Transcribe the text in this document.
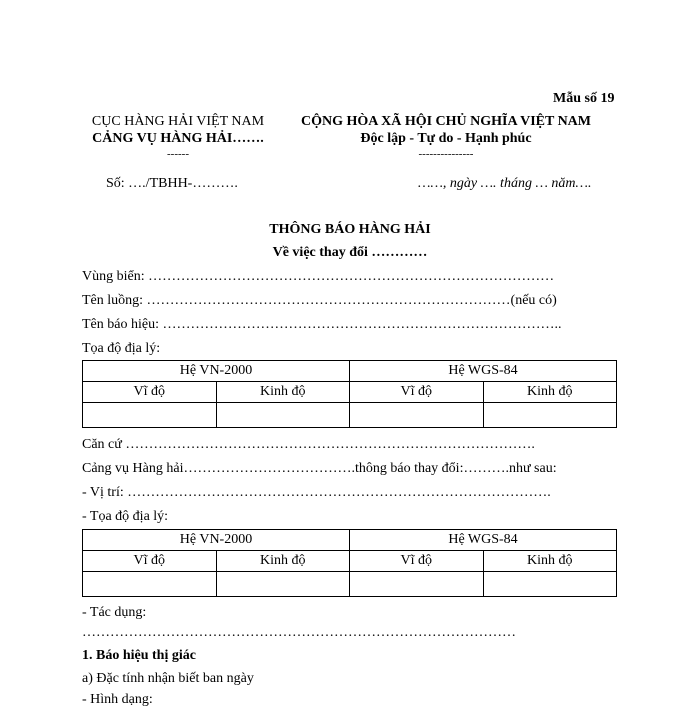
Mẫu số 19
CỤC HÀNG HẢI VIỆT NAM
CẢNG VỤ HÀNG HẢI…….
------
Số: …./TBHH-……….
CỘNG HÒA XÃ HỘI CHỦ NGHĨA VIỆT NAM
Độc lập - Tự do - Hạnh phúc
---------------
……, ngày …. tháng … năm….
THÔNG BÁO HÀNG HẢI
Về việc thay đổi …………
Vùng biển: ……………………………………………………………………………
Tên luồng: ……………………………………………………………………(nếu có)
Tên báo hiệu: …………………………………………………………………………..
Tọa độ địa lý:
Hệ VN-2000		Hệ WGS-84	
Vĩ độ	Kinh độ	Vĩ độ	Kinh độ

Căn cứ …………………………………………………………………………….
Cảng vụ Hàng hải……………………………….thông báo thay đổi:……….như sau:
- Vị trí: ……………………………………………………………………………….
- Tọa độ địa lý:
Hệ VN-2000		Hệ WGS-84	
Vĩ độ	Kinh độ	Vĩ độ	Kinh độ

- Tác dụng:
…………………………………………………………………………………
1. Báo hiệu thị giác
a) Đặc tính nhận biết ban ngày
- Hình dạng:
